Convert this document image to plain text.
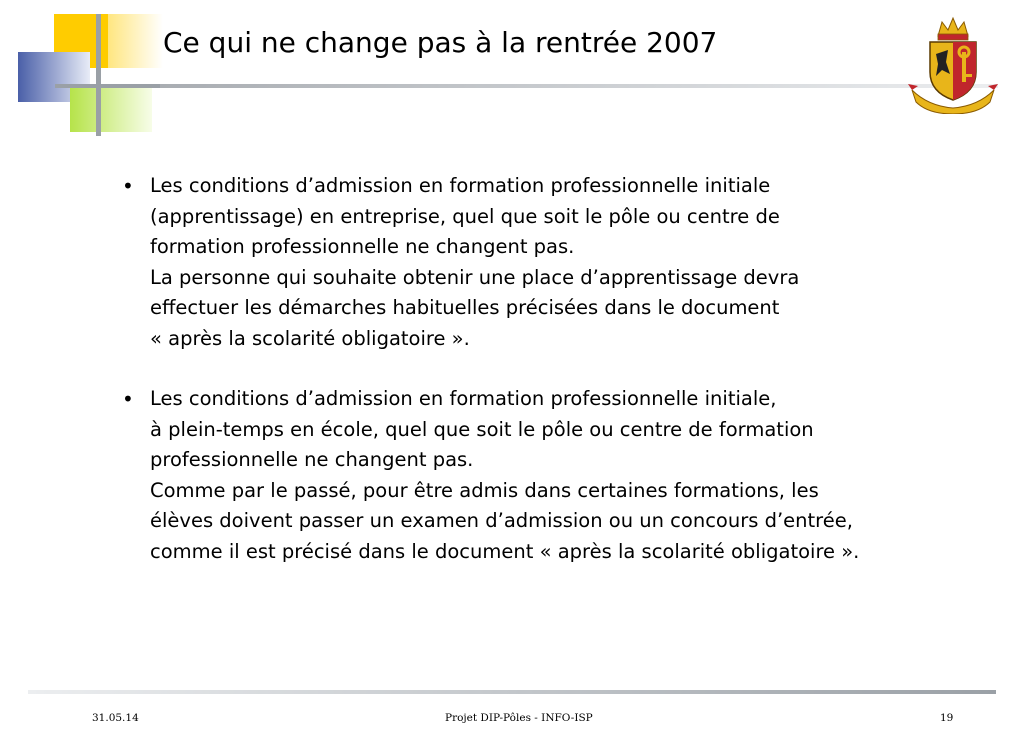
Ce qui ne change pas à la rentrée 2007
• Les conditions d’admission en formation professionnelle initiale
(apprentissage) en entreprise, quel que soit le pôle ou centre de
formation professionnelle ne changent pas.
La personne qui souhaite obtenir une place d’apprentissage devra
effectuer les démarches habituelles précisées dans le document
« après la scolarité obligatoire ».
• Les conditions d’admission en formation professionnelle initiale,
à plein-temps en école, quel que soit le pôle ou centre de formation
professionnelle ne changent pas.
Comme par le passé, pour être admis dans certaines formations, les
élèves doivent passer un examen d’admission ou un concours d’entrée,
comme il est précisé dans le document « après la scolarité obligatoire ».
31.05.14	Projet DIP-Pôles - INFO-ISP	19
